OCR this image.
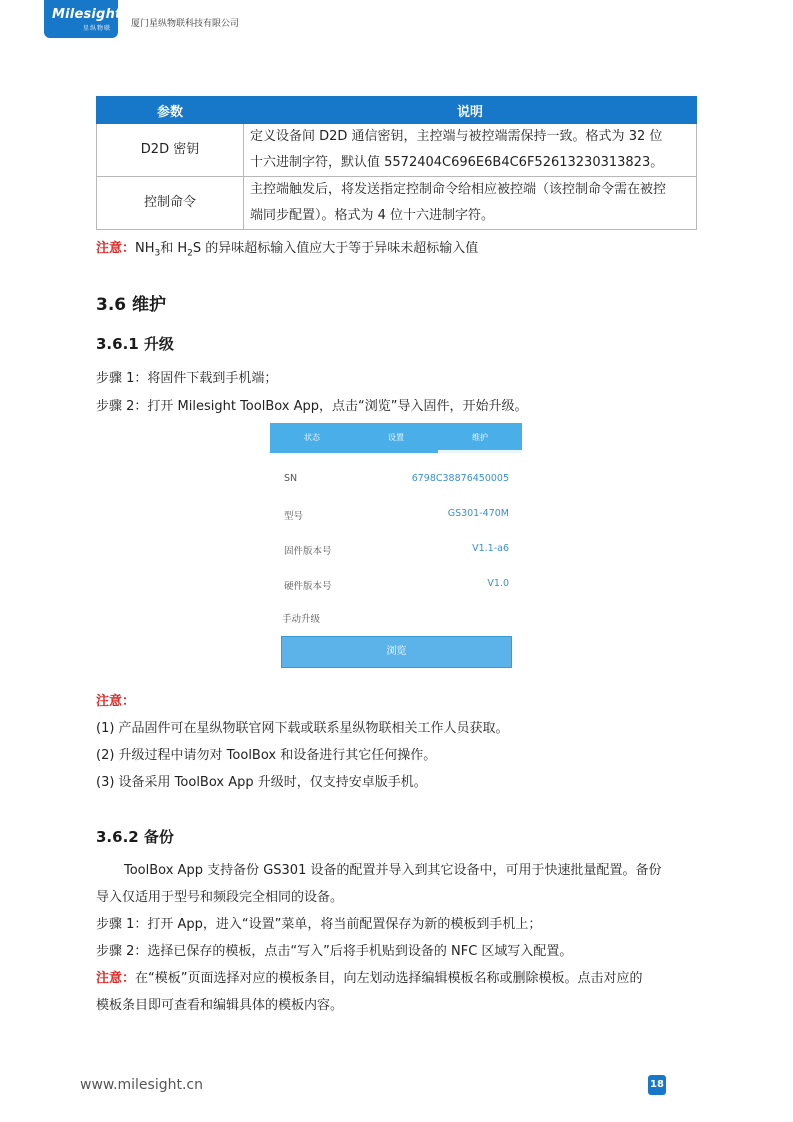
Milesight
星纵物联 厦门星纵物联科技有限公司
参数	说明
D2D 密钥	定义设备间 D2D 通信密钥，主控端与被控端需保持一致。格式为 32 位
十六进制字符，默认值 5572404C696E6B4C6F52613230313823。

控制命令	主控端触发后，将发送指定控制命令给相应被控端（该控制命令需在被控
端同步配置）。格式为 4 位十六进制字符。
注意：$NH_3$和 $H_2S$ 的异味超标输入值应大于等于异味未超标输入值
3.6 维护
3.6.1 升级
步骤 1：将固件下载到手机端；
步骤 2：打开 Milesight ToolBox App，点击“浏览”导入固件，开始升级。
状态	设置	维护
SN	6798C38876450005
型号	GS301-470M
固件版本号	V1.1-a6
硬件版本号	V1.0
手动升级
浏览
注意：
(1) 产品固件可在星纵物联官网下载或联系星纵物联相关工作人员获取。
(2) 升级过程中请勿对 ToolBox 和设备进行其它任何操作。
(3) 设备采用 ToolBox App 升级时，仅支持安卓版手机。
3.6.2 备份
ToolBox App 支持备份 GS301 设备的配置并导入到其它设备中，可用于快速批量配置。备份
导入仅适用于型号和频段完全相同的设备。
步骤 1：打开 App，进入“设置”菜单，将当前配置保存为新的模板到手机上；
步骤 2：选择已保存的模板，点击“写入”后将手机贴到设备的 NFC 区域写入配置。
注意：在“模板”页面选择对应的模板条目，向左划动选择编辑模板名称或删除模板。点击对应的
模板条目即可查看和编辑具体的模板内容。
www.milesight.cn	18
